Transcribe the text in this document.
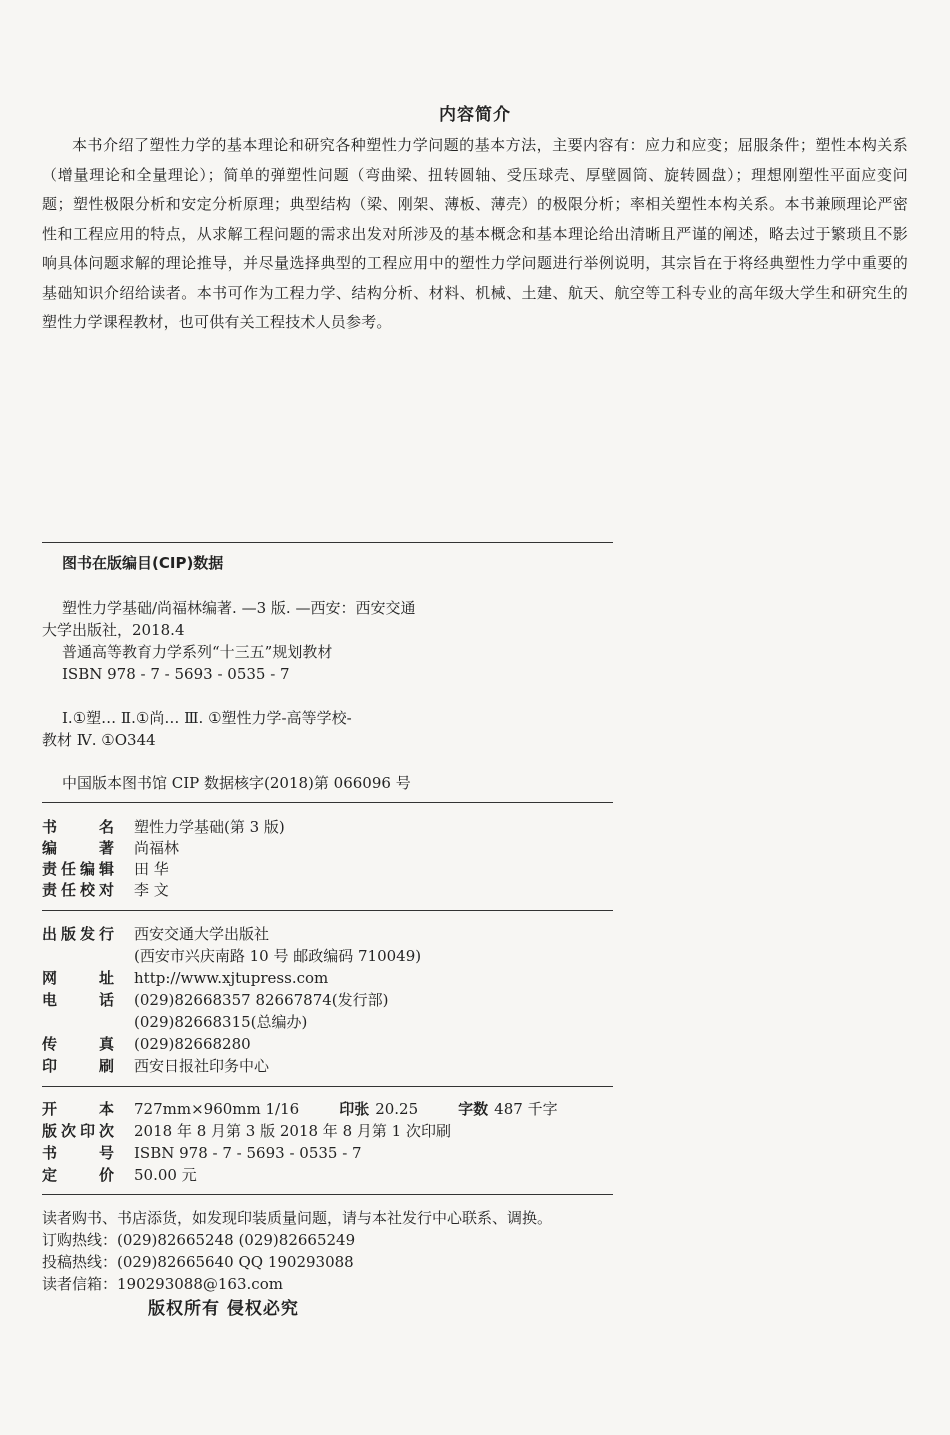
内容简介
本书介绍了塑性力学的基本理论和研究各种塑性力学问题的基本方法，主要内容有：应力和应变；屈服条件；塑性本构关系（增量理论和全量理论）；简单的弹塑性问题（弯曲梁、扭转圆轴、受压球壳、厚壁圆筒、旋转圆盘）；理想刚塑性平面应变问题；塑性极限分析和安定分析原理；典型结构（梁、刚架、薄板、薄壳）的极限分析；率相关塑性本构关系。本书兼顾理论严密性和工程应用的特点，从求解工程问题的需求出发对所涉及的基本概念和基本理论给出清晰且严谨的阐述，略去过于繁琐且不影响具体问题求解的理论推导，并尽量选择典型的工程应用中的塑性力学问题进行举例说明，其宗旨在于将经典塑性力学中重要的基础知识介绍给读者。本书可作为工程力学、结构分析、材料、机械、土建、航天、航空等工科专业的高年级大学生和研究生的塑性力学课程教材，也可供有关工程技术人员参考。
图书在版编目(CIP)数据
塑性力学基础/尚福林编著. —3 版. —西安：西安交通
大学出版社，2018.4
普通高等教育力学系列“十三五”规划教材
ISBN 978 - 7 - 5693 - 0535 - 7
Ⅰ.①塑… Ⅱ.①尚… Ⅲ. ①塑性力学-高等学校-
教材 Ⅳ. ①O344
中国版本图书馆 CIP 数据核字(2018)第 066096 号
书名 塑性力学基础(第 3 版)
编著 尚福林
责任编辑 田 华
责任校对 李 文
出版发行 西安交通大学出版社
(西安市兴庆南路 10 号 邮政编码 710049)
网址 http://www.xjtupress.com
电话 (029)82668357 82667874(发行部)
(029)82668315(总编办)
传真 (029)82668280
印刷 西安日报社印务中心
开本 727mm×960mm 1/16	印张 20.25	字数 487 千字
版次印次 2018 年 8 月第 3 版 2018 年 8 月第 1 次印刷
书号 ISBN 978 - 7 - 5693 - 0535 - 7
定价 50.00 元
读者购书、书店添货，如发现印装质量问题，请与本社发行中心联系、调换。
订购热线：(029)82665248 (029)82665249
投稿热线：(029)82665640 QQ 190293088
读者信箱：190293088@163.com
版权所有 侵权必究
